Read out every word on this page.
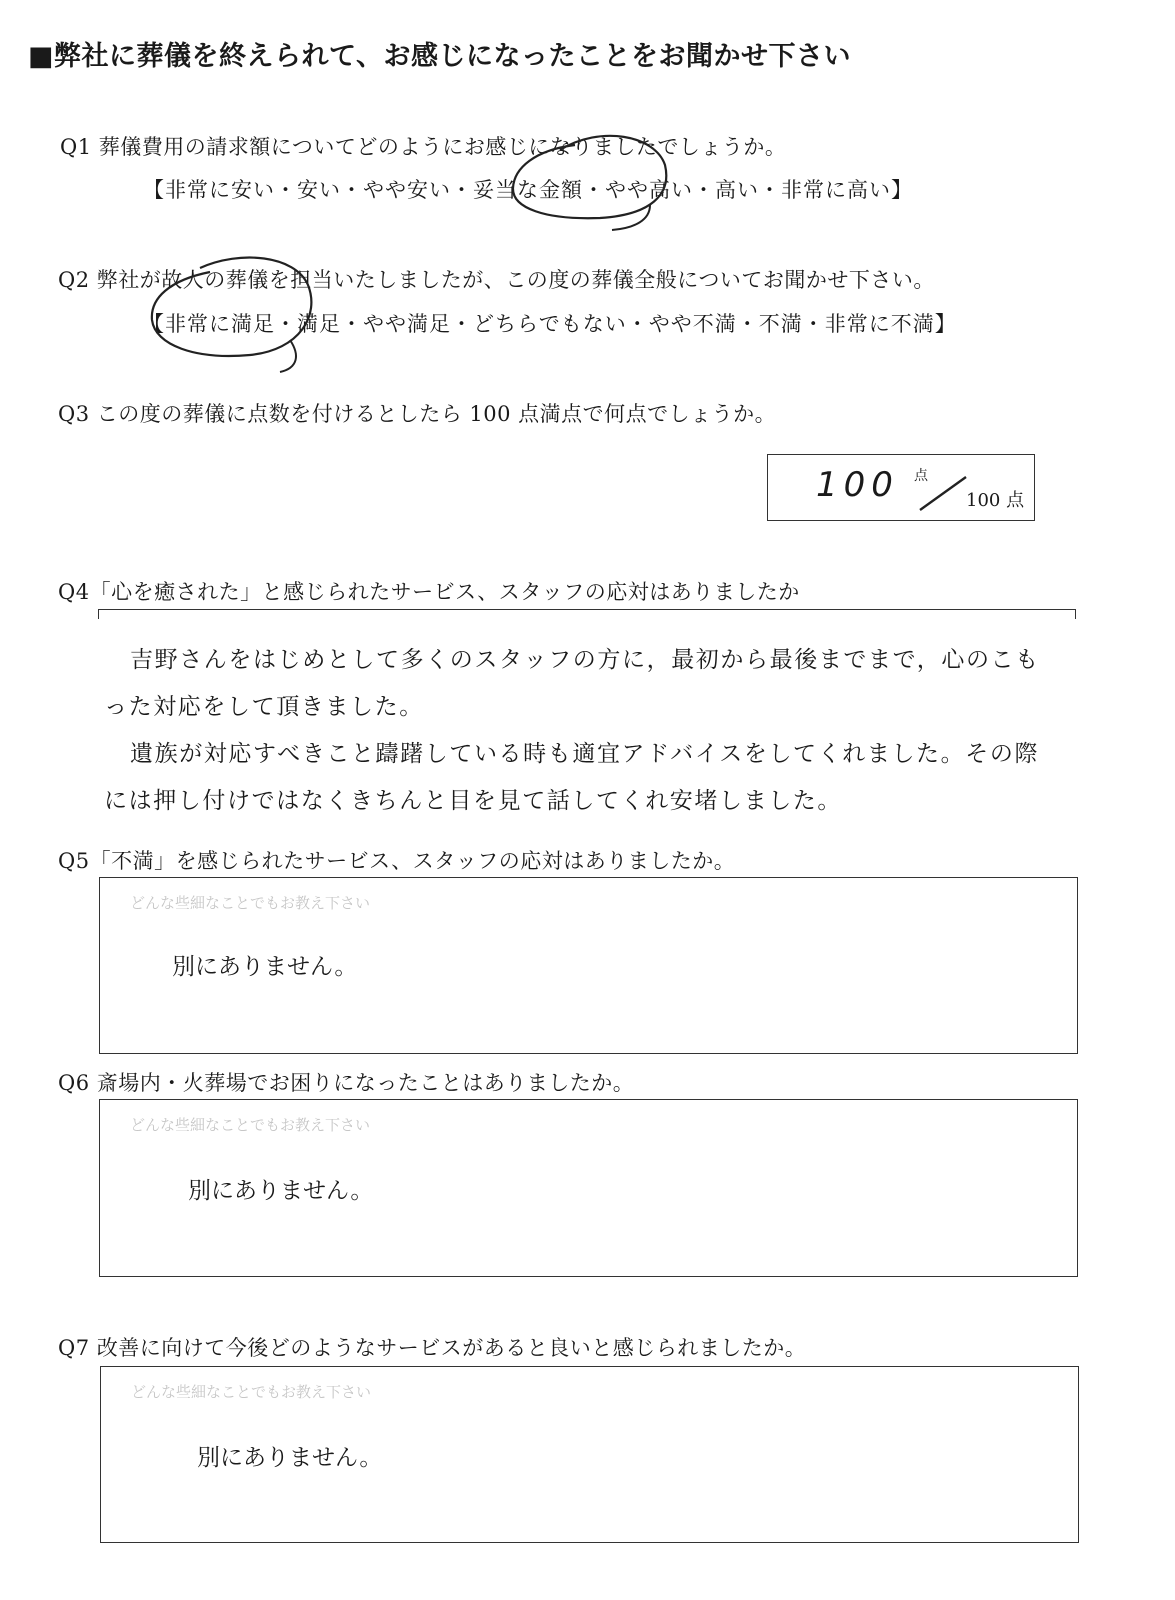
■弊社に葬儀を終えられて、お感じになったことをお聞かせ下さい
Q1 葬儀費用の請求額についてどのようにお感じになりましたでしょうか。
【非常に安い・安い・やや安い・妥当な金額・やや高い・高い・非常に高い】
Q2 弊社が故人の葬儀を担当いたしましたが、この度の葬儀全般についてお聞かせ下さい。
【非常に満足・満足・やや満足・どちらでもない・やや不満・不満・非常に不満】
Q3 この度の葬儀に点数を付けるとしたら 100 点満点で何点でしょうか。
100 点
100 点
Q4「心を癒された」と感じられたサービス、スタッフの応対はありましたか
吉野さんをはじめとして多くのスタッフの方に，最初から最後までまで，心のこも
った対応をして頂きました。
遺族が対応すべきこと躊躇している時も適宜アドバイスをしてくれました。その際
には押し付けではなくきちんと目を見て話してくれ安堵しました。
Q5「不満」を感じられたサービス、スタッフの応対はありましたか。
どんな些細なことでもお教え下さい
別にありません。
Q6 斎場内・火葬場でお困りになったことはありましたか。
どんな些細なことでもお教え下さい
別にありません。
Q7 改善に向けて今後どのようなサービスがあると良いと感じられましたか。
どんな些細なことでもお教え下さい
別にありません。
